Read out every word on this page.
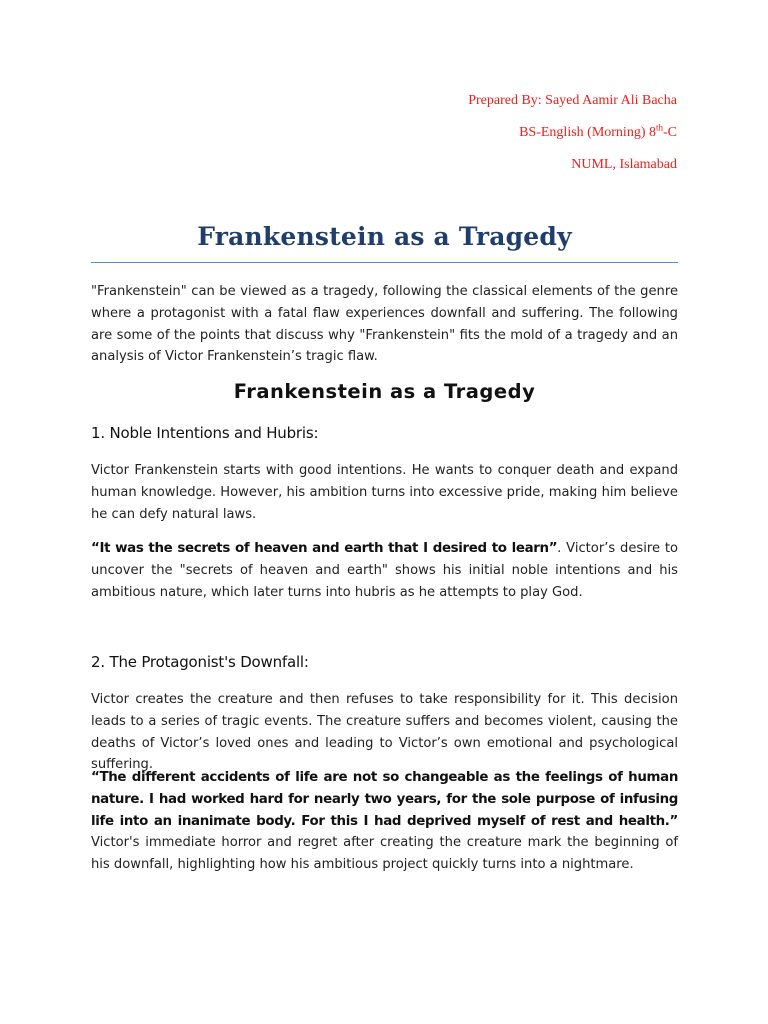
Prepared By: Sayed Aamir Ali Bacha
BS-English (Morning) 8th-C
NUML, Islamabad
Frankenstein as a Tragedy

"Frankenstein" can be viewed as a tragedy, following the classical elements of the genre where a protagonist with a fatal flaw experiences downfall and suffering. The following are some of the points that discuss why "Frankenstein" fits the mold of a tragedy and an analysis of Victor Frankenstein’s tragic flaw.

Frankenstein as a Tragedy
1. Noble Intentions and Hubris:

Victor Frankenstein starts with good intentions. He wants to conquer death and expand human knowledge. However, his ambition turns into excessive pride, making him believe he can defy natural laws.

“It was the secrets of heaven and earth that I desired to learn”. Victor’s desire to uncover the "secrets of heaven and earth" shows his initial noble intentions and his ambitious nature, which later turns into hubris as he attempts to play God.

2. The Protagonist's Downfall:

Victor creates the creature and then refuses to take responsibility for it. This decision leads to a series of tragic events. The creature suffers and becomes violent, causing the deaths of Victor’s loved ones and leading to Victor’s own emotional and psychological suffering.

“The different accidents of life are not so changeable as the feelings of human nature. I had worked hard for nearly two years, for the sole purpose of infusing life into an inanimate body. For this I had deprived myself of rest and health.” Victor's immediate horror and regret after creating the creature mark the beginning of his downfall, highlighting how his ambitious project quickly turns into a nightmare.
